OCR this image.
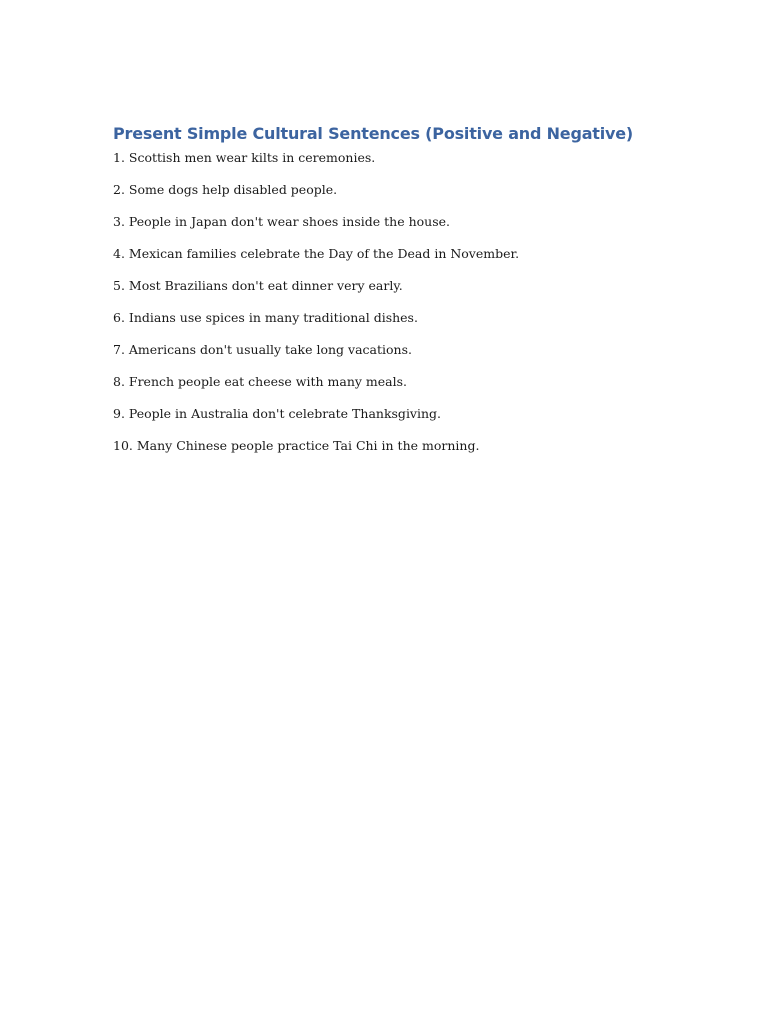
Present Simple Cultural Sentences (Positive and Negative)
1. Scottish men wear kilts in ceremonies.
2. Some dogs help disabled people.
3. People in Japan don't wear shoes inside the house.
4. Mexican families celebrate the Day of the Dead in November.
5. Most Brazilians don't eat dinner very early.
6. Indians use spices in many traditional dishes.
7. Americans don't usually take long vacations.
8. French people eat cheese with many meals.
9. People in Australia don't celebrate Thanksgiving.
10. Many Chinese people practice Tai Chi in the morning.
